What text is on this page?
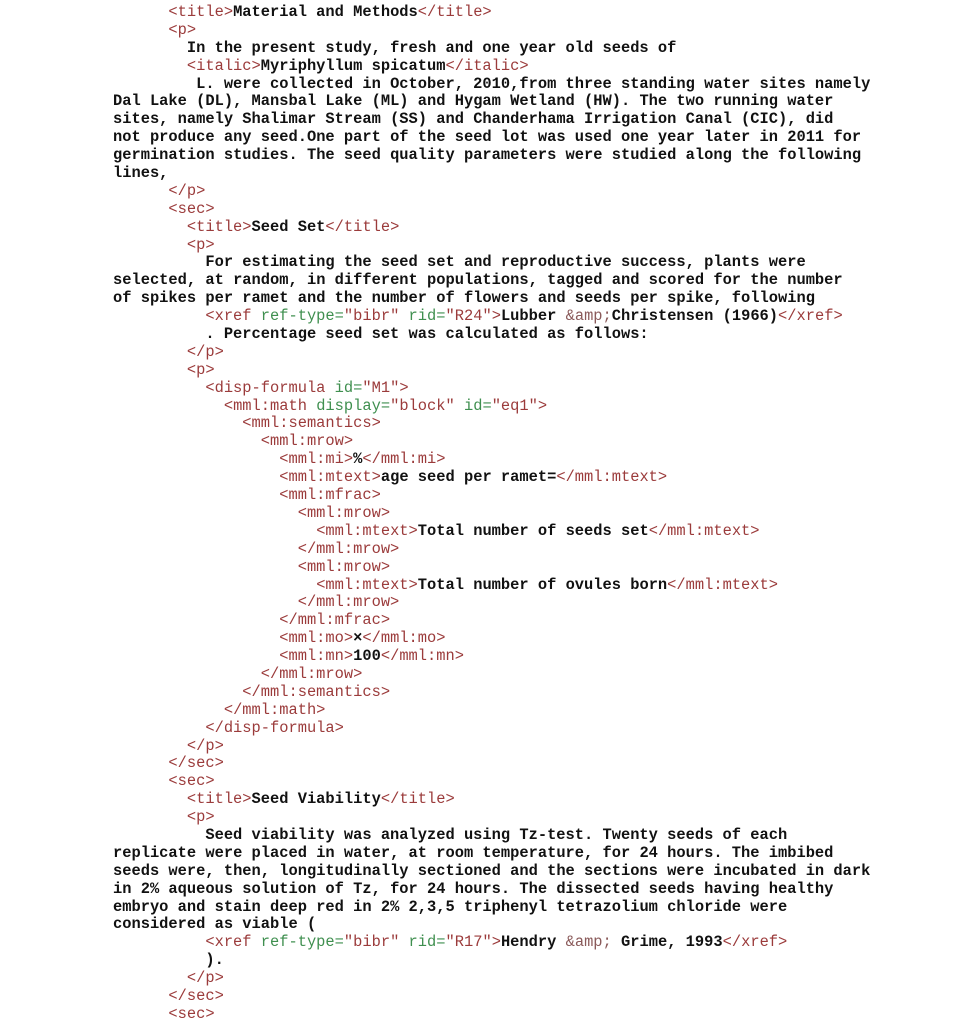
<title>Material and Methods</title>
<p>
In the present study, fresh and one year old seeds of
<italic>Myriphyllum spicatum</italic>
L. were collected in October, 2010,from three standing water sites namely
Dal Lake (DL), Mansbal Lake (ML) and Hygam Wetland (HW). The two running water
sites, namely Shalimar Stream (SS) and Chanderhama Irrigation Canal (CIC), did
not produce any seed.One part of the seed lot was used one year later in 2011 for
germination studies. The seed quality parameters were studied along the following
lines,
</p>
<sec>
<title>Seed Set</title>
<p>
For estimating the seed set and reproductive success, plants were
selected, at random, in different populations, tagged and scored for the number
of spikes per ramet and the number of flowers and seeds per spike, following
<xref ref-type="bibr" rid="R24">Lubber &amp;Christensen (1966)</xref>
. Percentage seed set was calculated as follows:
</p>
<p>
<disp-formula id="M1">
<mml:math display="block" id="eq1">
<mml:semantics>
<mml:mrow>
<mml:mi>%</mml:mi>
<mml:mtext>age seed per ramet=</mml:mtext>
<mml:mfrac>
<mml:mrow>
<mml:mtext>Total number of seeds set</mml:mtext>
</mml:mrow>
<mml:mrow>
<mml:mtext>Total number of ovules born</mml:mtext>
</mml:mrow>
</mml:mfrac>
<mml:mo>×</mml:mo>
<mml:mn>100</mml:mn>
</mml:mrow>
</mml:semantics>
</mml:math>
</disp-formula>
</p>
</sec>
<sec>
<title>Seed Viability</title>
<p>
Seed viability was analyzed using Tz-test. Twenty seeds of each
replicate were placed in water, at room temperature, for 24 hours. The imbibed
seeds were, then, longitudinally sectioned and the sections were incubated in dark
in 2% aqueous solution of Tz, for 24 hours. The dissected seeds having healthy
embryo and stain deep red in 2% 2,3,5 triphenyl tetrazolium chloride were
considered as viable (
<xref ref-type="bibr" rid="R17">Hendry &amp; Grime, 1993</xref>
).
</p>
</sec>
<sec>
